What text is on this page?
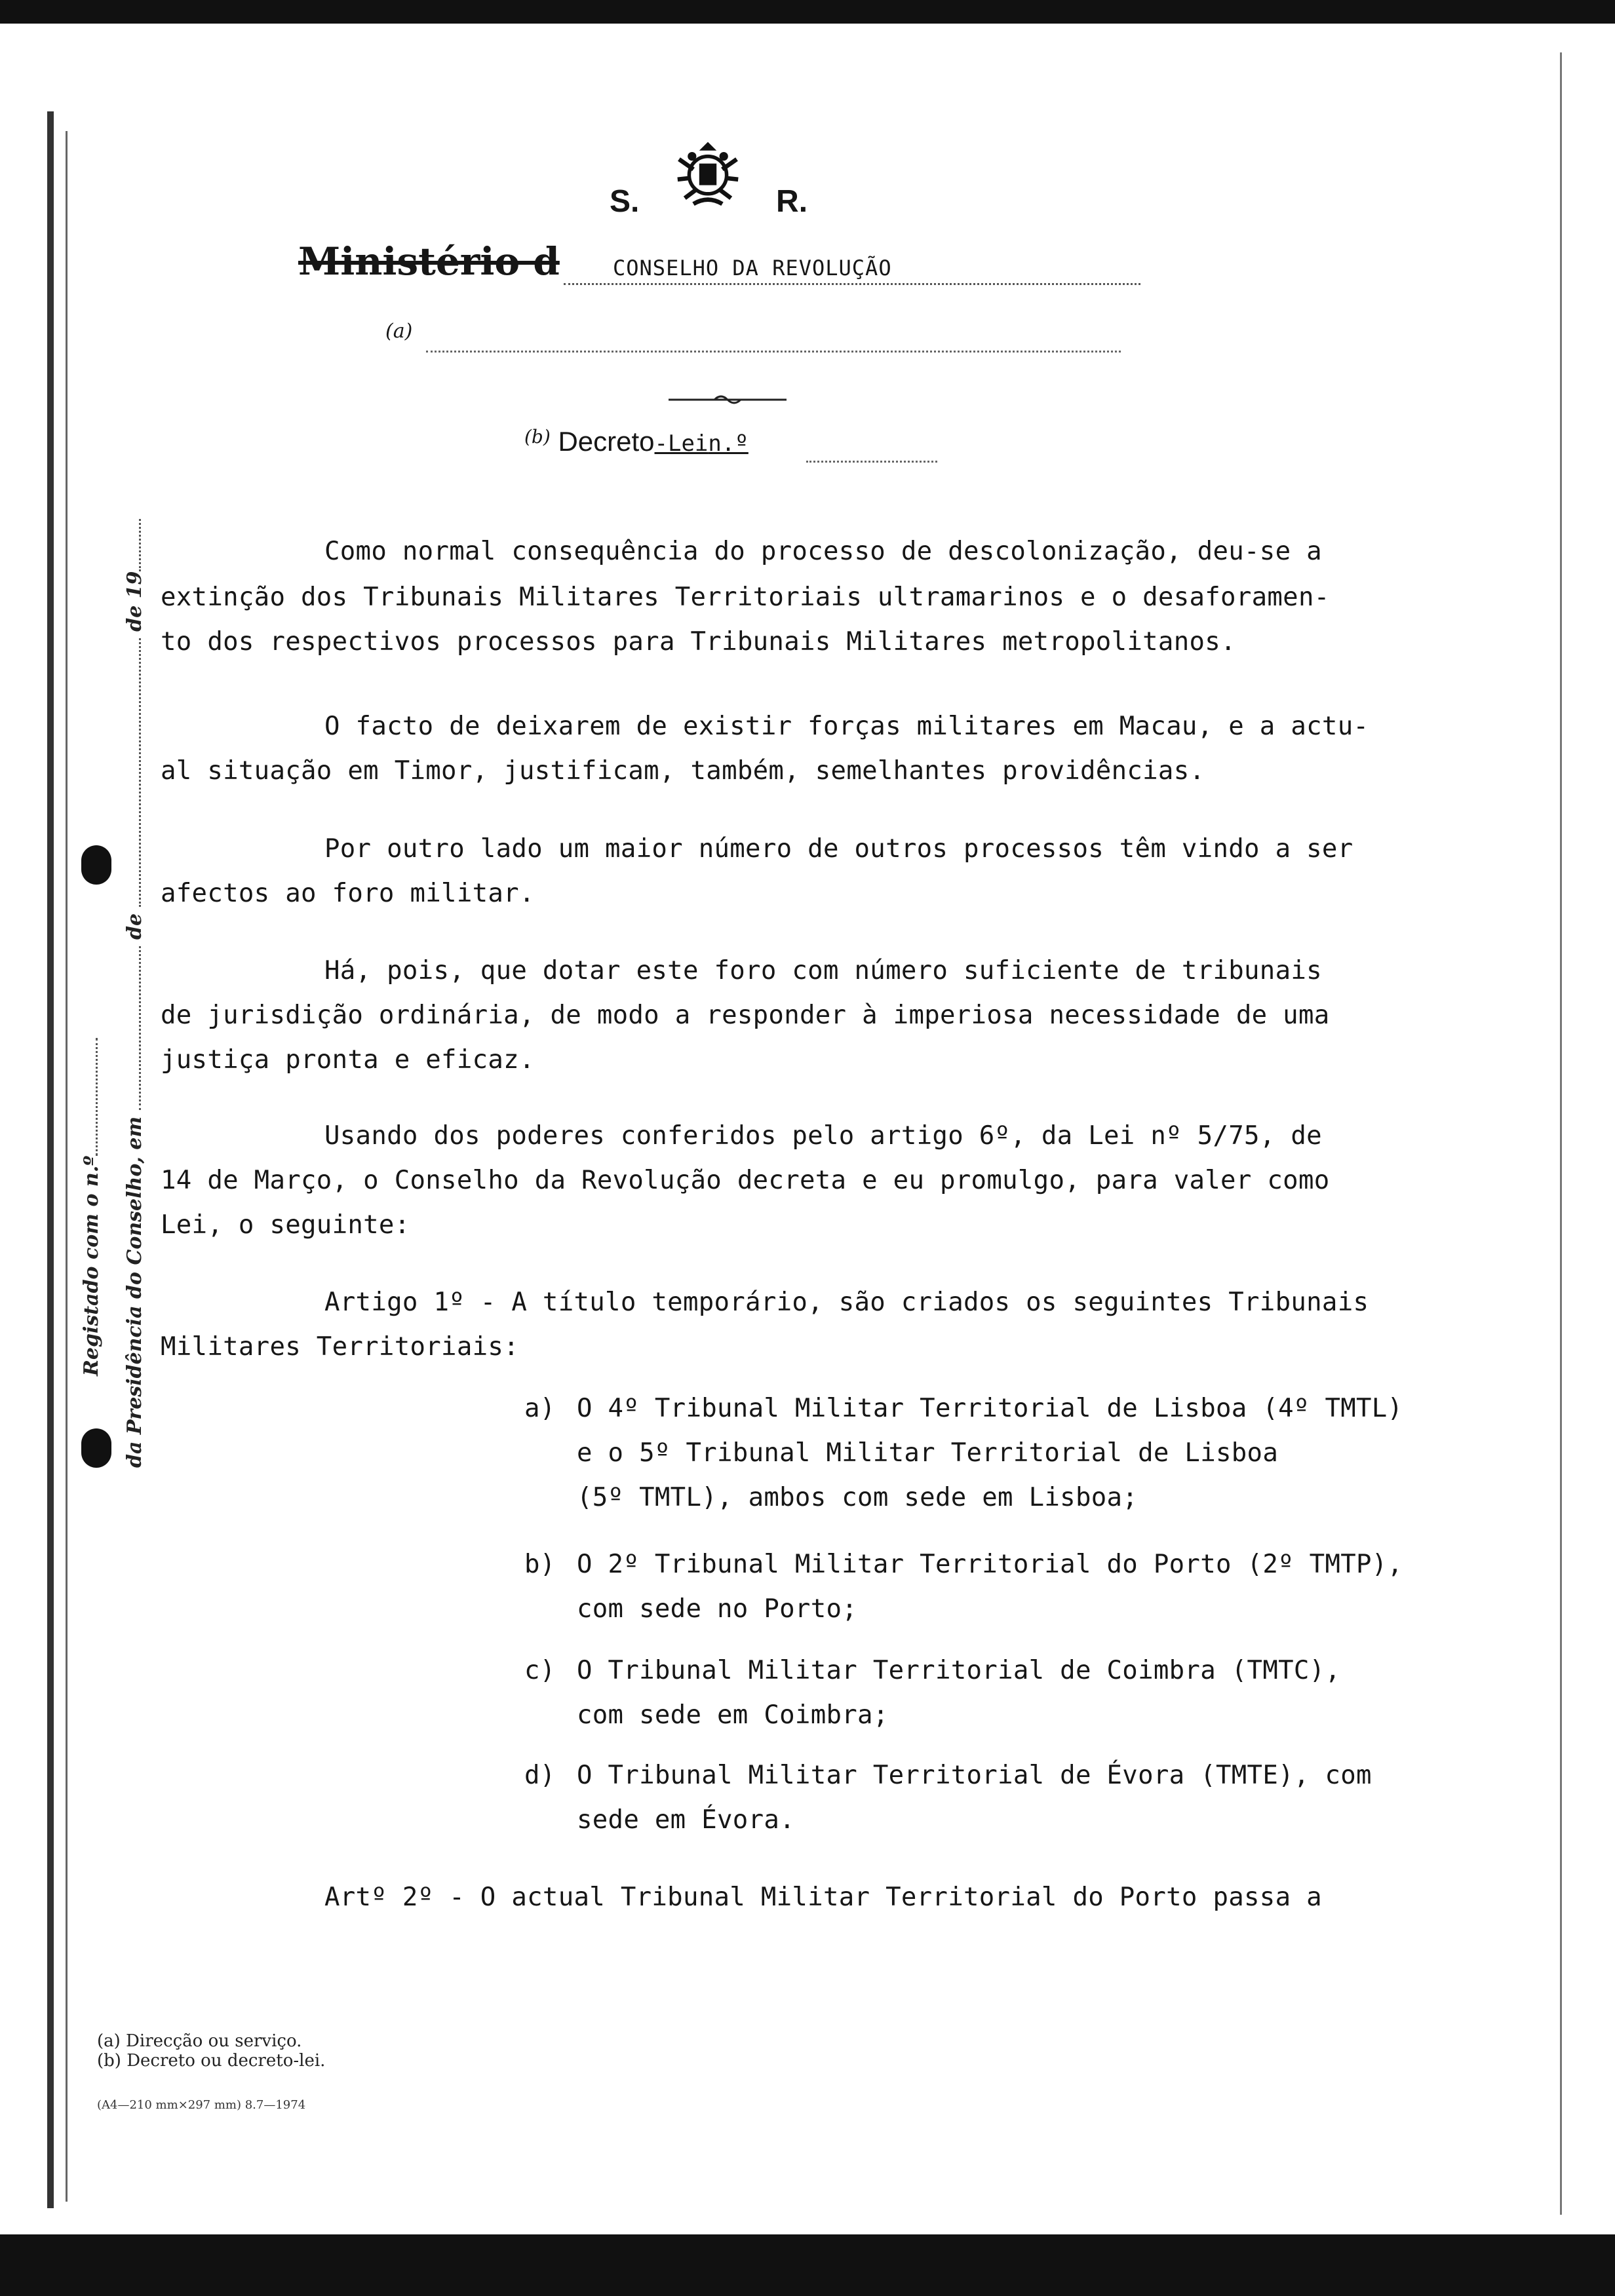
Registado com o n.º da Presidência do Conselho, emdede 19
S.	R.
Ministério d	CONSELHO DA REVOLUÇÃO
(a)
$^{(b)}$ Decreto-Lein.º
Como normal consequência do processo de descolonização, deu-se a
extinção dos Tribunais Militares Territoriais ultramarinos e o desaforamen-
to dos respectivos processos para Tribunais Militares metropolitanos.
O facto de deixarem de existir forças militares em Macau, e a actu-
al situação em Timor, justificam, também, semelhantes providências.
Por outro lado um maior número de outros processos têm vindo a ser
afectos ao foro militar.
Há, pois, que dotar este foro com número suficiente de tribunais
de jurisdição ordinária, de modo a responder à imperiosa necessidade de uma
justiça pronta e eficaz.
Usando dos poderes conferidos pelo artigo 6º, da Lei nº 5/75, de
14 de Março, o Conselho da Revolução decreta e eu promulgo, para valer como
Lei, o seguinte:
Artigo 1º - A título temporário, são criados os seguintes Tribunais
Militares Territoriais:
a) O 4º Tribunal Militar Territorial de Lisboa (4º TMTL)
e o 5º Tribunal Militar Territorial de Lisboa
(5º TMTL), ambos com sede em Lisboa;
b) O 2º Tribunal Militar Territorial do Porto (2º TMTP),
com sede no Porto;
c) O Tribunal Militar Territorial de Coimbra (TMTC),
com sede em Coimbra;
d) O Tribunal Militar Territorial de Évora (TMTE), com
sede em Évora.
Artº 2º - O actual Tribunal Militar Territorial do Porto passa a
(a) Direcção ou serviço.
(b) Decreto ou decreto-lei.
(A4—210 mm×297 mm) 8.7—1974
